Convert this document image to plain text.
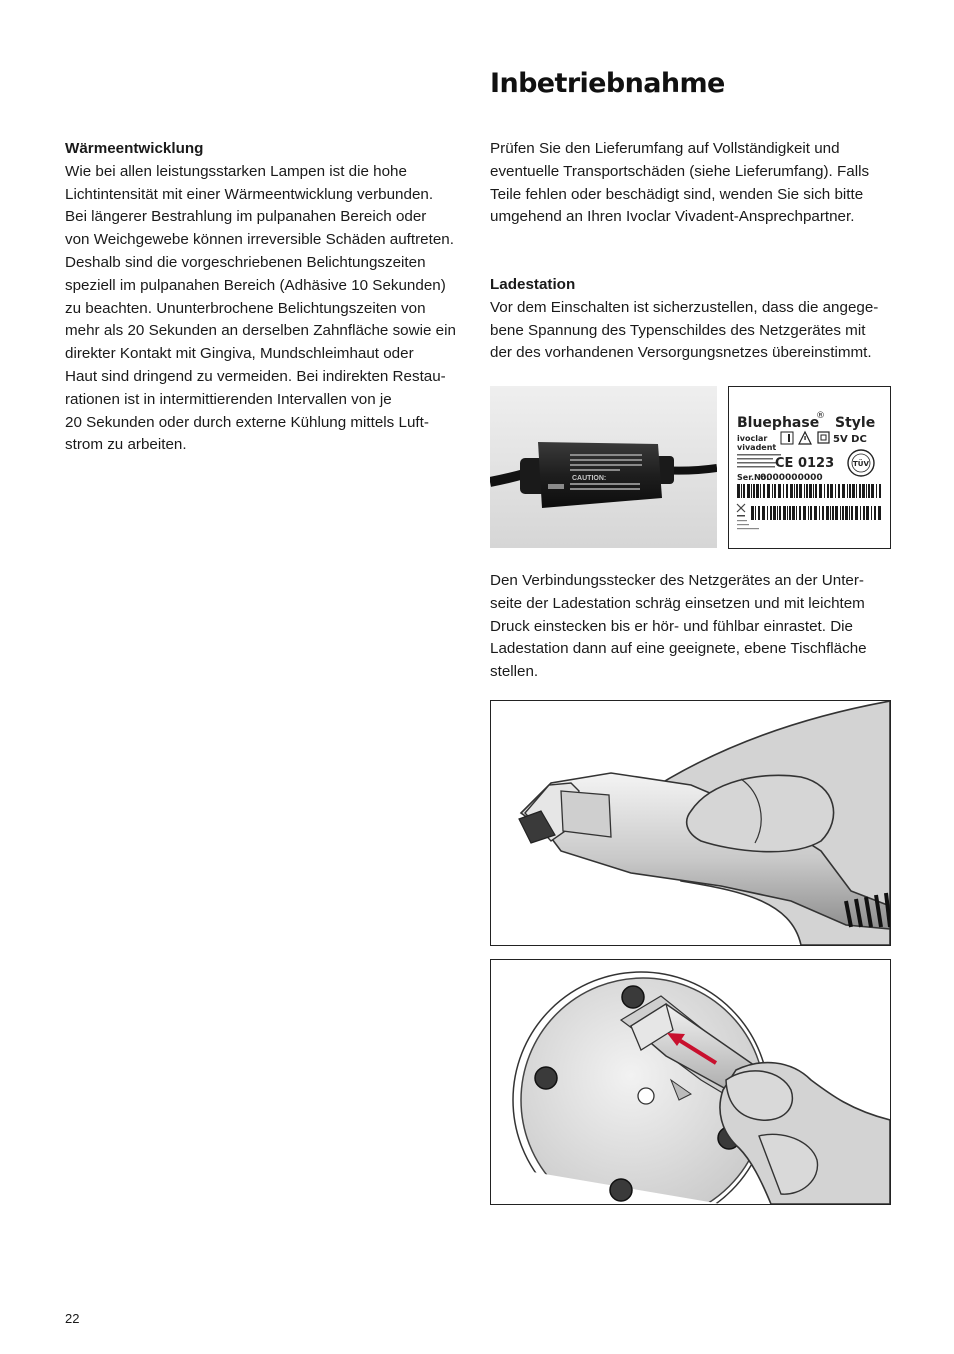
Inbetriebnahme
Wärmeentwicklung
Wie bei allen leistungsstarken Lampen ist die hohe
Lichtintensität mit einer Wärmeentwicklung verbunden.
Bei längerer Bestrahlung im pulpanahen Bereich oder
von Weichgewebe können irreversible Schäden auftreten.
Deshalb sind die vorgeschriebenen Belichtungszeiten
speziell im pulpanahen Bereich (Adhäsive 10 Sekunden)
zu beachten. Ununterbrochene Belichtungszeiten von
mehr als 20 Sekunden an derselben Zahnfläche sowie ein
direkter Kontakt mit Gingiva, Mundschleimhaut oder
Haut sind dringend zu vermeiden. Bei indirekten Restau-
rationen ist in intermittierenden Intervallen von je
20 Sekunden oder durch externe Kühlung mittels Luft-
strom zu arbeiten.
Prüfen Sie den Lieferumfang auf Vollständigkeit und
eventuelle Transportschäden (siehe Lieferumfang). Falls
Teile fehlen oder beschädigt sind, wenden Sie sich bitte
umgehend an Ihren Ivoclar Vivadent-Ansprechpartner.
Ladestation
Vor dem Einschalten ist sicherzustellen, dass die angege-
bene Spannung des Typenschildes des Netzgerätes mit
der des vorhandenen Versorgungsnetzes übereinstimmt.
CAUTION:
Bluephase
® Style
ivoclar
vivadent
5V DC
CE 0123	TÜV
Ser.No.
0000000000
Den Verbindungsstecker des Netzgerätes an der Unter-
seite der Ladestation schräg einsetzen und mit leichtem
Druck einstecken bis er hör- und fühlbar einrastet. Die
Ladestation dann auf eine geeignete, ebene Tischfläche
stellen.
22
